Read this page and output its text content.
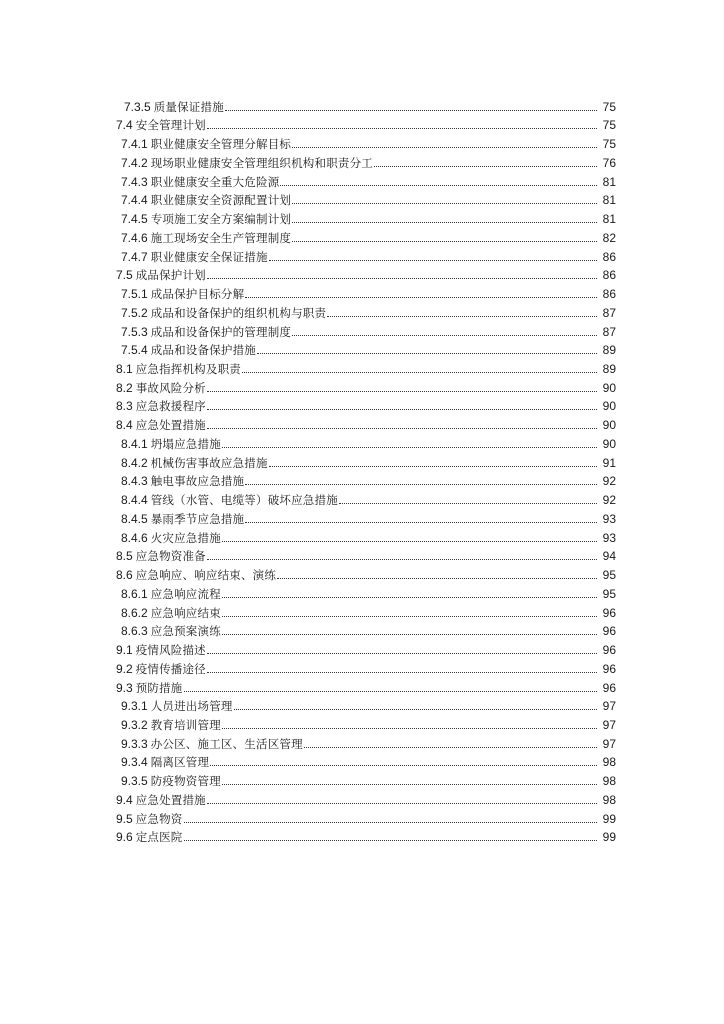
7.3.5 质量保证措施	75
7.4 安全管理计划	75
7.4.1 职业健康安全管理分解目标	75
7.4.2 现场职业健康安全管理组织机构和职责分工	76
7.4.3 职业健康安全重大危险源	81
7.4.4 职业健康安全资源配置计划	81
7.4.5 专项施工安全方案编制计划	81
7.4.6 施工现场安全生产管理制度	82
7.4.7 职业健康安全保证措施	86
7.5 成品保护计划	86
7.5.1 成品保护目标分解	86
7.5.2 成品和设备保护的组织机构与职责	87
7.5.3 成品和设备保护的管理制度	87
7.5.4 成品和设备保护措施	89
8.1 应急指挥机构及职责	89
8.2 事故风险分析	90
8.3 应急救援程序	90
8.4 应急处置措施	90
8.4.1 坍塌应急措施	90
8.4.2 机械伤害事故应急措施	91
8.4.3 触电事故应急措施	92
8.4.4 管线（水管、电缆等）破坏应急措施	92
8.4.5 暴雨季节应急措施	93
8.4.6 火灾应急措施	93
8.5 应急物资准备	94
8.6 应急响应、响应结束、演练	95
8.6.1 应急响应流程	95
8.6.2 应急响应结束	96
8.6.3 应急预案演练	96
9.1 疫情风险描述	96
9.2 疫情传播途径	96
9.3 预防措施	96
9.3.1 人员进出场管理	97
9.3.2 教育培训管理	97
9.3.3 办公区、施工区、生活区管理	97
9.3.4 隔离区管理	98
9.3.5 防疫物资管理	98
9.4 应急处置措施	98
9.5 应急物资	99
9.6 定点医院	99
